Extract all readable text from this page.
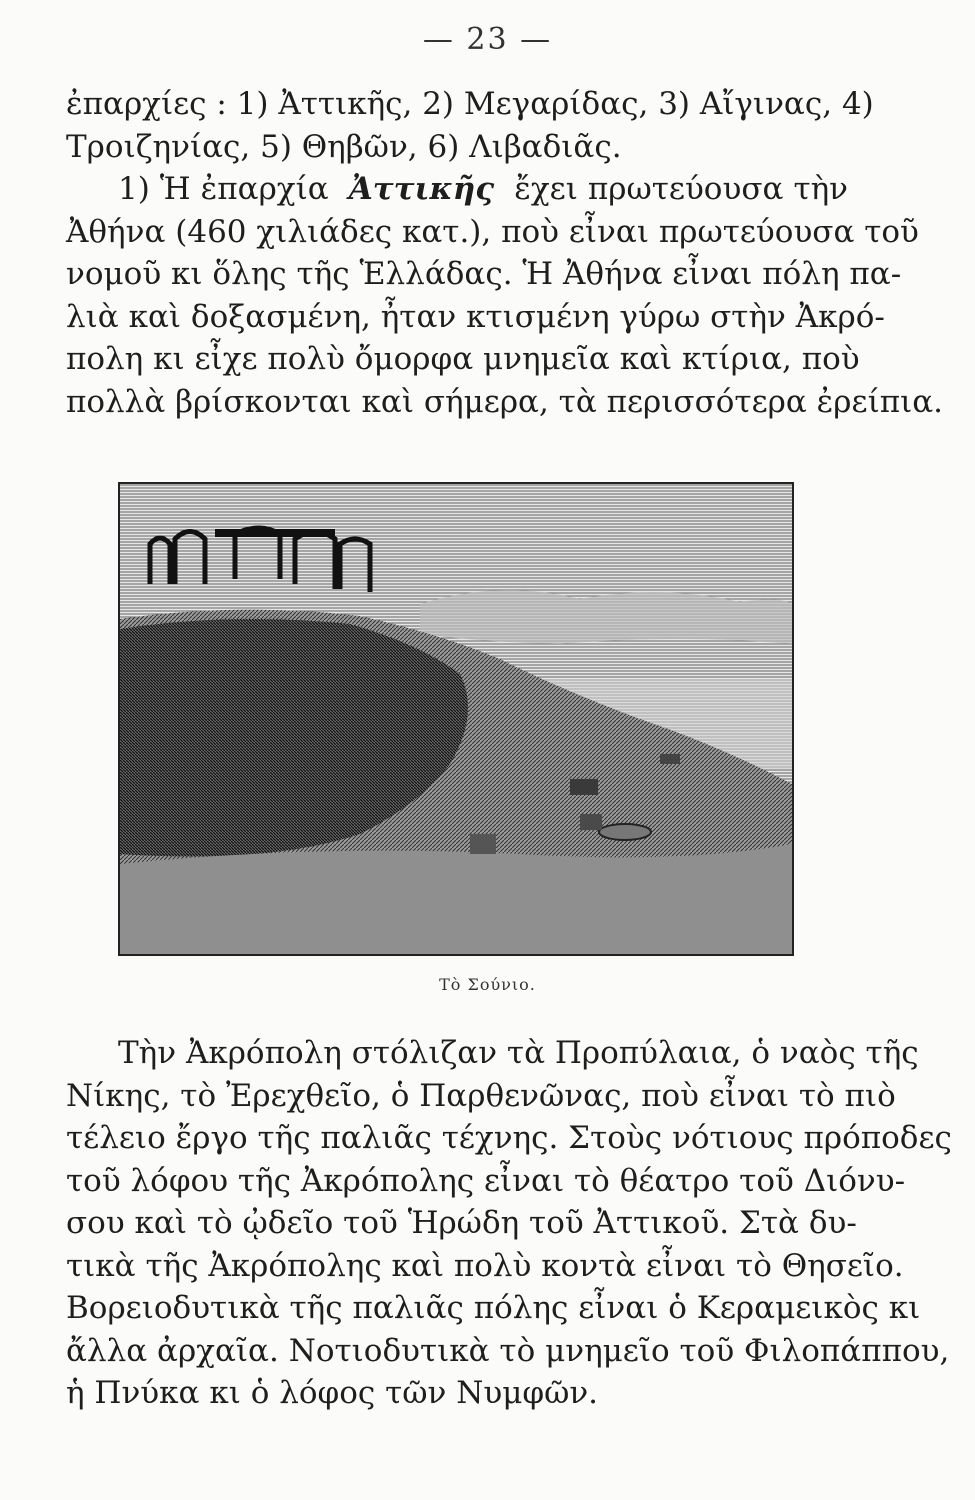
— 23 —
ἐπαρχίες : 1) Ἀττικῆς, 2) Μεγαρίδας, 3) Αἴγινας, 4)
Τροιζηνίας, 5) Θηβῶν, 6) Λιβαδιᾶς.
1) Ἡ ἐπαρχία Ἀττικῆς ἔχει πρωτεύουσα τὴν
Ἀθήνα (460 χιλιάδες κατ.), ποὺ εἶναι πρωτεύουσα τοῦ
νομοῦ κι ὅλης τῆς Ἑλλάδας. Ἡ Ἀθήνα εἶναι πόλη πα-
λιὰ καὶ δοξασμένη, ἦταν κτισμένη γύρω στὴν Ἀκρό-
πολη κι εἶχε πολὺ ὄμορφα μνημεῖα καὶ κτίρια, ποὺ
πολλὰ βρίσκονται καὶ σήμερα, τὰ περισσότερα ἐρείπια.
Τὸ Σούνιο.
Τὴν Ἀκρόπολη στόλιζαν τὰ Προπύλαια, ὁ ναὸς τῆς
Νίκης, τὸ Ἐρεχθεῖο, ὁ Παρθενῶνας, ποὺ εἶναι τὸ πιὸ
τέλειο ἔργο τῆς παλιᾶς τέχνης. Στοὺς νότιους πρόποδες
τοῦ λόφου τῆς Ἀκρόπολης εἶναι τὸ θέατρο τοῦ Διόνυ-
σου καὶ τὸ ᾠδεῖο τοῦ Ἡρώδη τοῦ Ἀττικοῦ. Στὰ δυ-
τικὰ τῆς Ἀκρόπολης καὶ πολὺ κοντὰ εἶναι τὸ Θησεῖο.
Βορειοδυτικὰ τῆς παλιᾶς πόλης εἶναι ὁ Κεραμεικὸς κι
ἄλλα ἀρχαῖα. Νοτιοδυτικὰ τὸ μνημεῖο τοῦ Φιλοπάππου,
ἡ Πνύκα κι ὁ λόφος τῶν Νυμφῶν.
